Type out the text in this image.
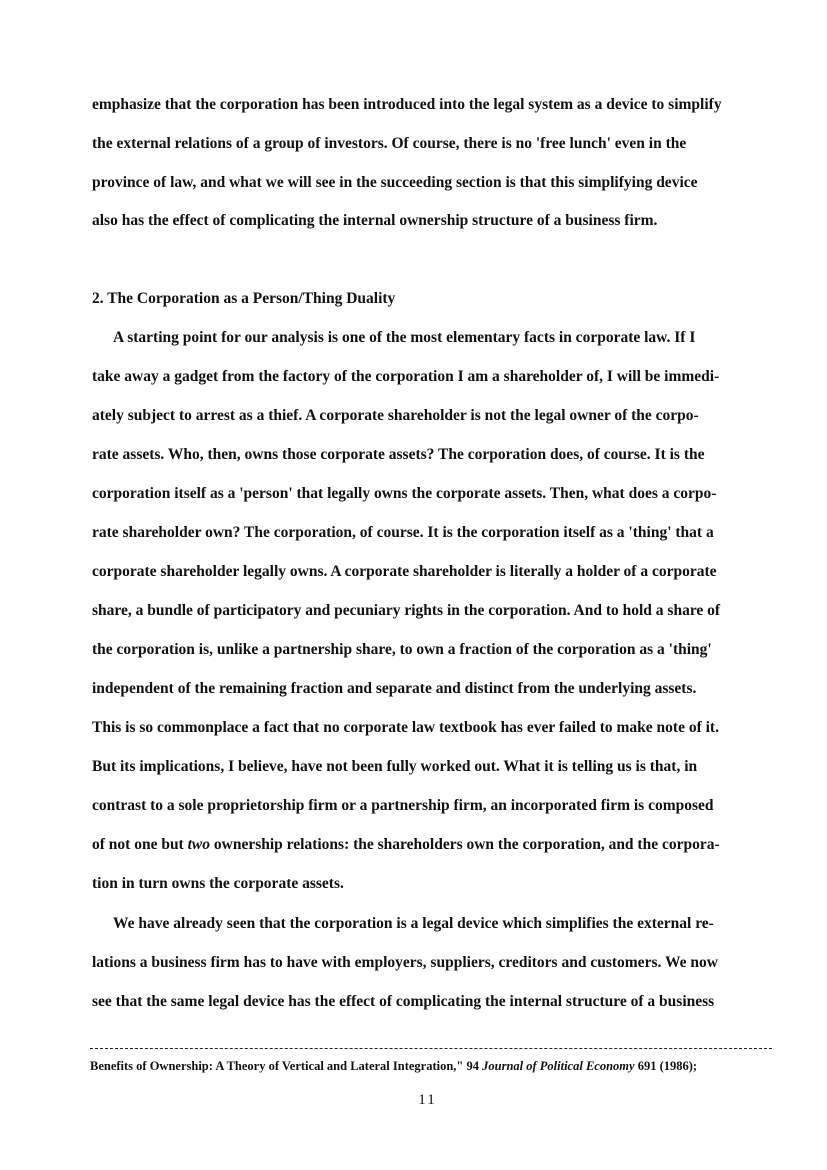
emphasize that the corporation has been introduced into the legal system as a device to simplify
the external relations of a group of investors. Of course, there is no 'free lunch' even in the
province of law, and what we will see in the succeeding section is that this simplifying device
also has the effect of complicating the internal ownership structure of a business firm.
2. The Corporation as a Person/Thing Duality
A starting point for our analysis is one of the most elementary facts in corporate law. If I
take away a gadget from the factory of the corporation I am a shareholder of, I will be immedi-
ately subject to arrest as a thief. A corporate shareholder is not the legal owner of the corpo-
rate assets. Who, then, owns those corporate assets? The corporation does, of course. It is the
corporation itself as a 'person' that legally owns the corporate assets. Then, what does a corpo-
rate shareholder own? The corporation, of course. It is the corporation itself as a 'thing' that a
corporate shareholder legally owns. A corporate shareholder is literally a holder of a corporate
share, a bundle of participatory and pecuniary rights in the corporation. And to hold a share of
the corporation is, unlike a partnership share, to own a fraction of the corporation as a 'thing'
independent of the remaining fraction and separate and distinct from the underlying assets.
This is so commonplace a fact that no corporate law textbook has ever failed to make note of it.
But its implications, I believe, have not been fully worked out. What it is telling us is that, in
contrast to a sole proprietorship firm or a partnership firm, an incorporated firm is composed
of not one but two ownership relations: the shareholders own the corporation, and the corpora-
tion in turn owns the corporate assets.
We have already seen that the corporation is a legal device which simplifies the external re-
lations a business firm has to have with employers, suppliers, creditors and customers. We now
see that the same legal device has the effect of complicating the internal structure of a business
Benefits of Ownership: A Theory of Vertical and Lateral Integration," 94 Journal of Political Economy 691 (1986);
11
